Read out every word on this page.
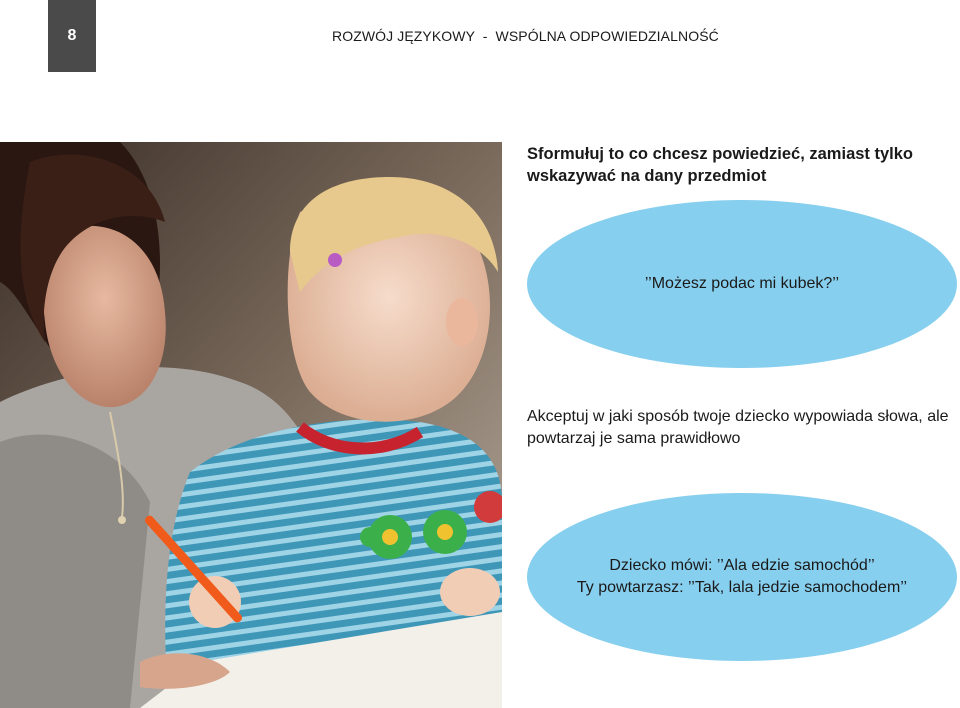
8	ROZWÓJ JĘZYKOWY  -  WSPÓLNA ODPOWIEDZIALNOŚĆ
Sformułuj to co chcesz powiedzieć, zamiast tylko wskazywać na dany przedmiot
’’Możesz podac mi kubek?’’
Akceptuj w jaki sposób twoje dziecko wypowiada słowa, ale powtarzaj je sama prawidłowo
Dziecko mówi: ’’Ala edzie samochód’’
Ty powtarzasz: ’’Tak, lala jedzie samochodem’’
